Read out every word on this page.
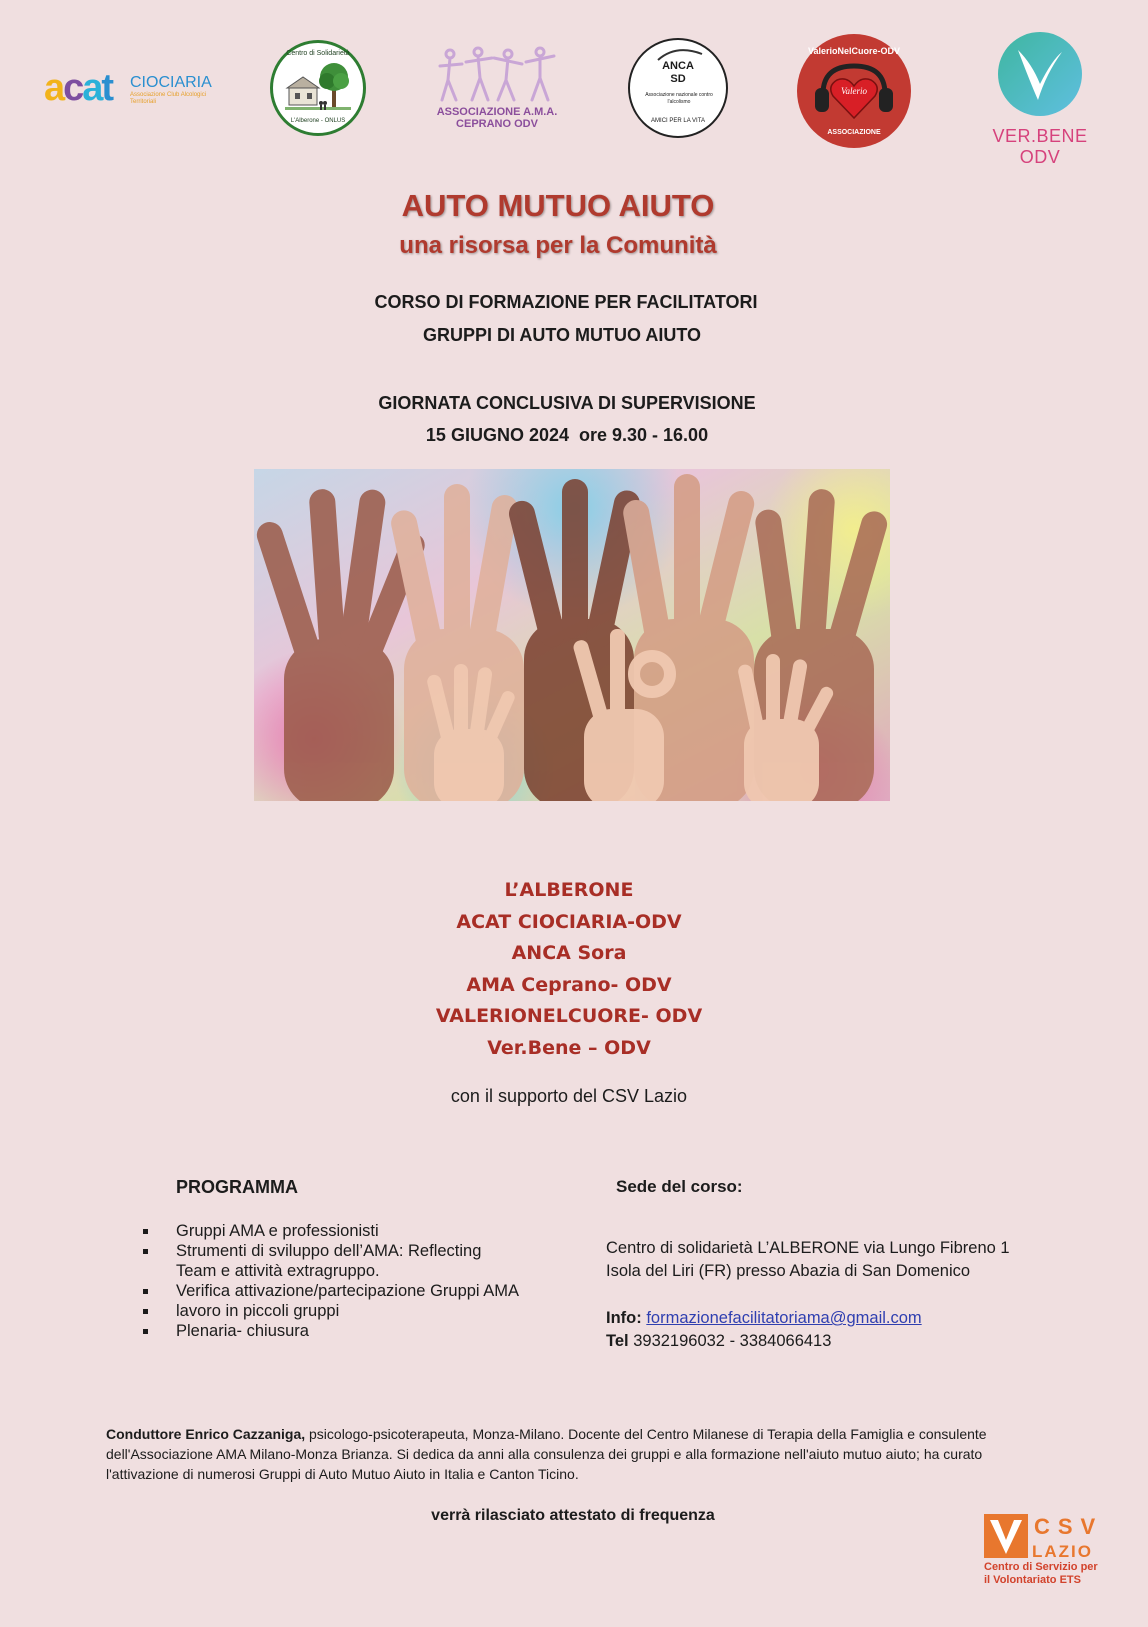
acat CIOCIARIA
Associazione Club Alcologici Territoriali
Centro di Solidarietà
L'Alberone - ONLUS
ASSOCIAZIONE A.M.A.
CEPRANO ODV
ANCA
SD
Associazione nazionale contro l'alcolismo
AMICI PER LA VITA
ValerioNelCuore-ODV
Valerio
ASSOCIAZIONE	VER.BENE ODV
AUTO MUTUO AIUTO
una risorsa per la Comunità
CORSO DI FORMAZIONE PER FACILITATORI
GRUPPI DI AUTO MUTUO AIUTO
GIORNATA CONCLUSIVA DI SUPERVISIONE
15 GIUGNO 2024  ore 9.30 - 16.00
L’ALBERONE
ACAT CIOCIARIA-ODV
ANCA Sora
AMA Ceprano- ODV
VALERIONELCUORE- ODV
Ver.Bene – ODV
con il supporto del CSV Lazio
PROGRAMMA
Gruppi AMA e professionisti
Strumenti di sviluppo dell’AMA: Reflecting Team e attività extragruppo.
Verifica attivazione/partecipazione Gruppi AMA
lavoro in piccoli gruppi
Plenaria- chiusura
Sede del corso:
Centro di solidarietà L’ALBERONE via Lungo Fibreno 1
Isola del Liri (FR) presso Abazia di San Domenico
Info: formazionefacilitatoriama@gmail.com
Tel 3932196032 - 3384066413
Conduttore Enrico Cazzaniga, psicologo-psicoterapeuta, Monza-Milano. Docente del Centro Milanese di Terapia della Famiglia e consulente dell'Associazione AMA Milano-Monza Brianza. Si dedica da anni alla consulenza dei gruppi e alla formazione nell'aiuto mutuo aiuto; ha curato l'attivazione di numerosi Gruppi di Auto Mutuo Aiuto in Italia e Canton Ticino.
verrà rilasciato attestato di frequenza	CSV
LAZIO
Centro di Servizio per
il Volontariato ETS
